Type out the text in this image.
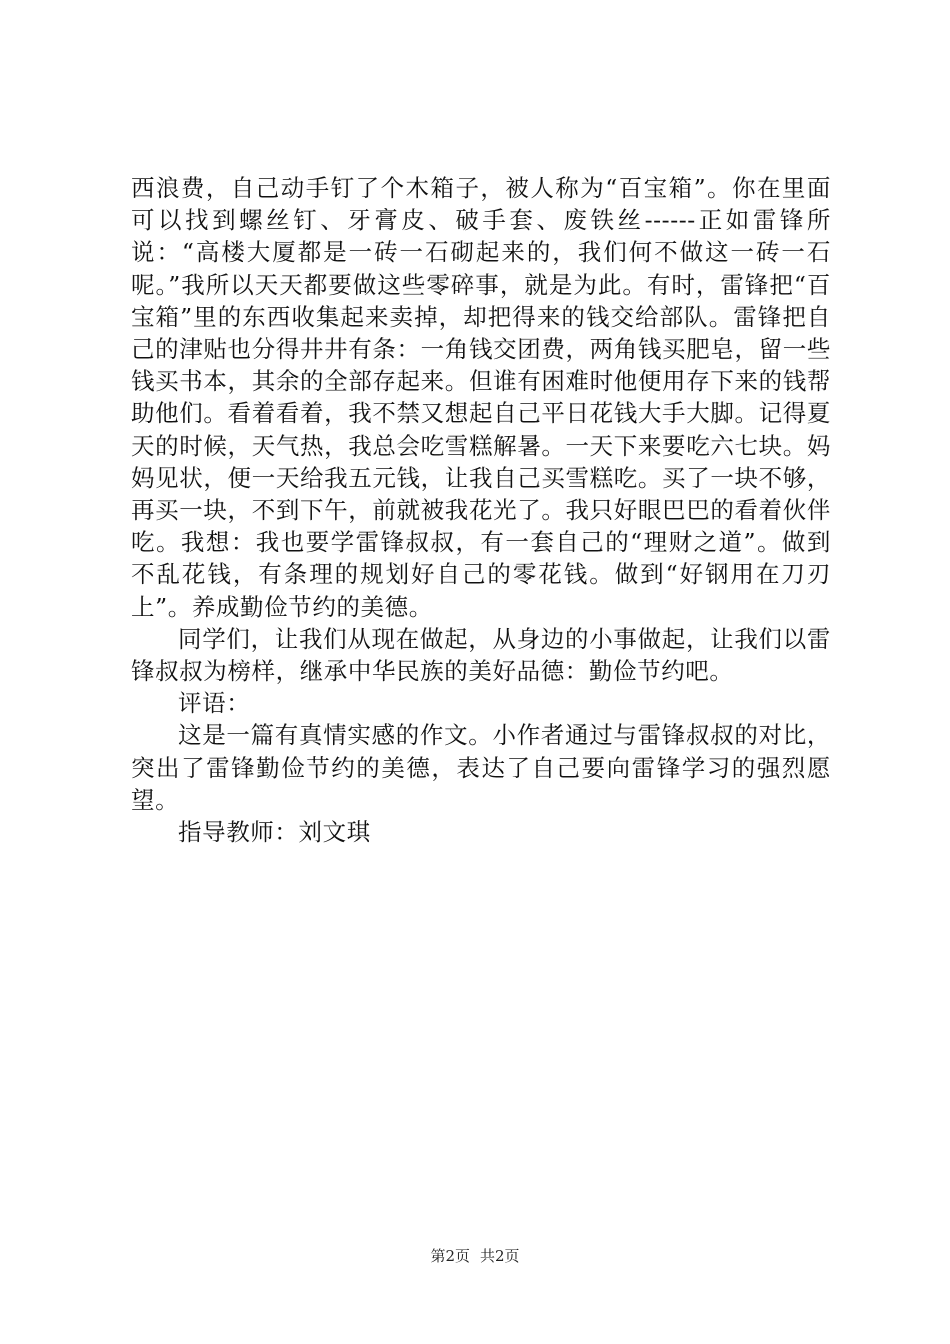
西浪费，自己动手钉了个木箱子，被人称为“百宝箱”。你在里面可以找到螺丝钉、牙膏皮、破手套、废铁丝------正如雷锋所说：“高楼大厦都是一砖一石砌起来的，我们何不做这一砖一石呢。”我所以天天都要做这些零碎事，就是为此。有时，雷锋把“百宝箱”里的东西收集起来卖掉，却把得来的钱交给部队。雷锋把自己的津贴也分得井井有条：一角钱交团费，两角钱买肥皂，留一些钱买书本，其余的全部存起来。但谁有困难时他便用存下来的钱帮助他们。看着看着，我不禁又想起自己平日花钱大手大脚。记得夏天的时候，天气热，我总会吃雪糕解暑。一天下来要吃六七块。妈妈见状，便一天给我五元钱，让我自己买雪糕吃。买了一块不够，再买一块，不到下午，前就被我花光了。我只好眼巴巴的看着伙伴吃。我想：我也要学雷锋叔叔，有一套自己的“理财之道”。做到不乱花钱，有条理的规划好自己的零花钱。做到“好钢用在刀刃上”。养成勤俭节约的美德。

同学们，让我们从现在做起，从身边的小事做起，让我们以雷锋叔叔为榜样，继承中华民族的美好品德：勤俭节约吧。

评语：

这是一篇有真情实感的作文。小作者通过与雷锋叔叔的对比，突出了雷锋勤俭节约的美德，表达了自己要向雷锋学习的强烈愿望。

指导教师：刘文琪

第2页 共2页
